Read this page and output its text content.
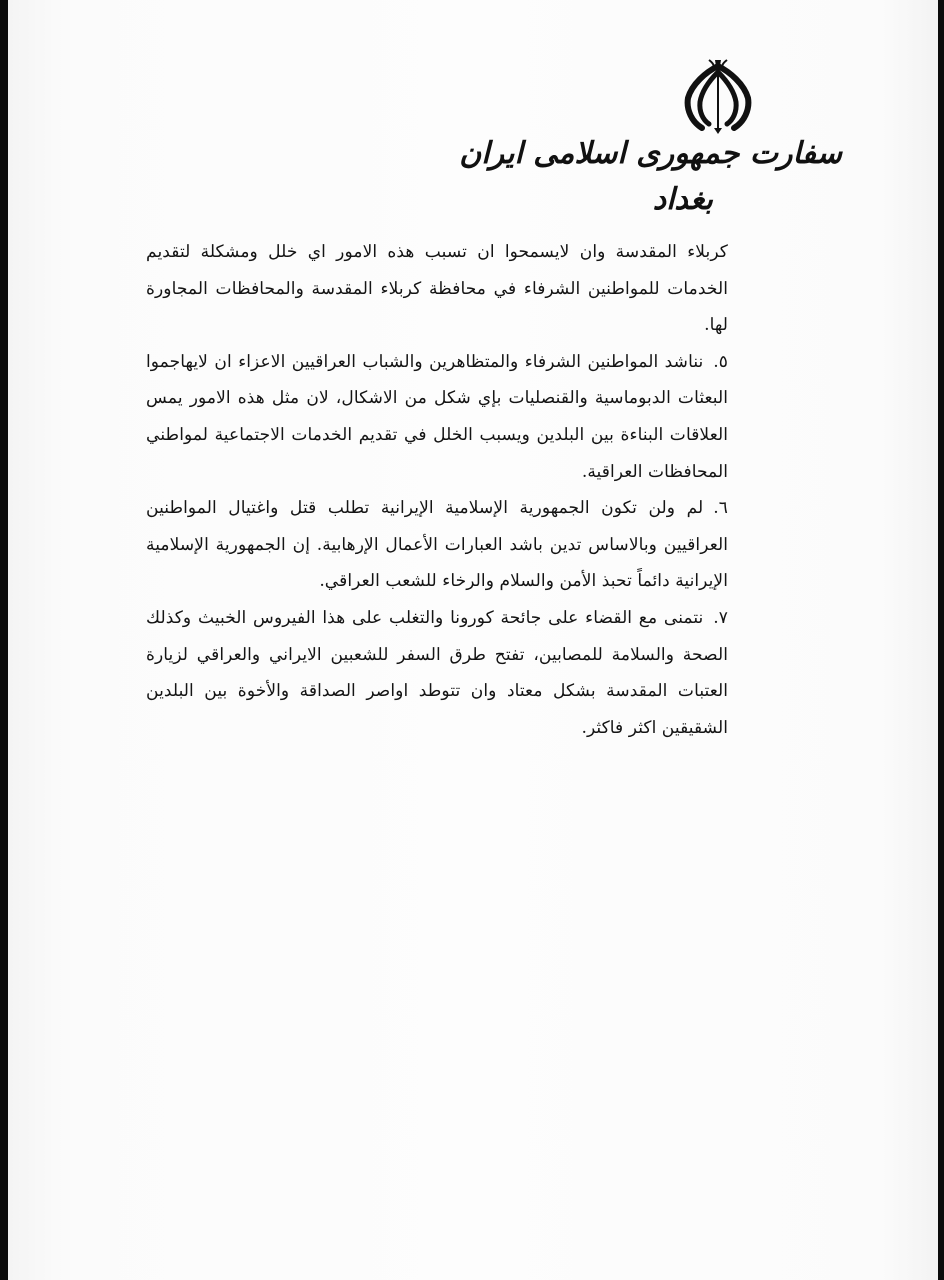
سفارت جمهوری اسلامی ایران
بغداد

كربلاء المقدسة وان لايسمحوا ان تسبب هذه الامور اي خلل ومشكلة لتقديم الخدمات للمواطنين الشرفاء في محافظة كربلاء المقدسة والمحافظات المجاورة لها.

٥.نناشد المواطنين الشرفاء والمتظاهرين والشباب العراقيين الاعزاء ان لايهاجموا البعثات الدبوماسية والقنصليات بإي شكل من الاشكال، لان مثل هذه الامور يمس العلاقات البناءة بين البلدين ويسبب الخلل في تقديم الخدمات الاجتماعية لمواطني المحافظات العراقية.

٦.لم ولن تكون الجمهورية الإسلامية الإيرانية تطلب قتل واغتيال المواطنين العراقيين وبالاساس تدين باشد العبارات الأعمال الإرهابية. إن الجمهورية الإسلامية الإيرانية دائماً تحبذ الأمن والسلام والرخاء للشعب العراقي.

٧.نتمنى مع القضاء على جائحة كورونا والتغلب على هذا الفيروس الخبيث وكذلك الصحة والسلامة للمصابين، تفتح طرق السفر للشعبين الايراني والعراقي لزيارة العتبات المقدسة بشكل معتاد وان تتوطد اواصر الصداقة والأخوة بين البلدين الشقيقين اكثر فاكثر.
